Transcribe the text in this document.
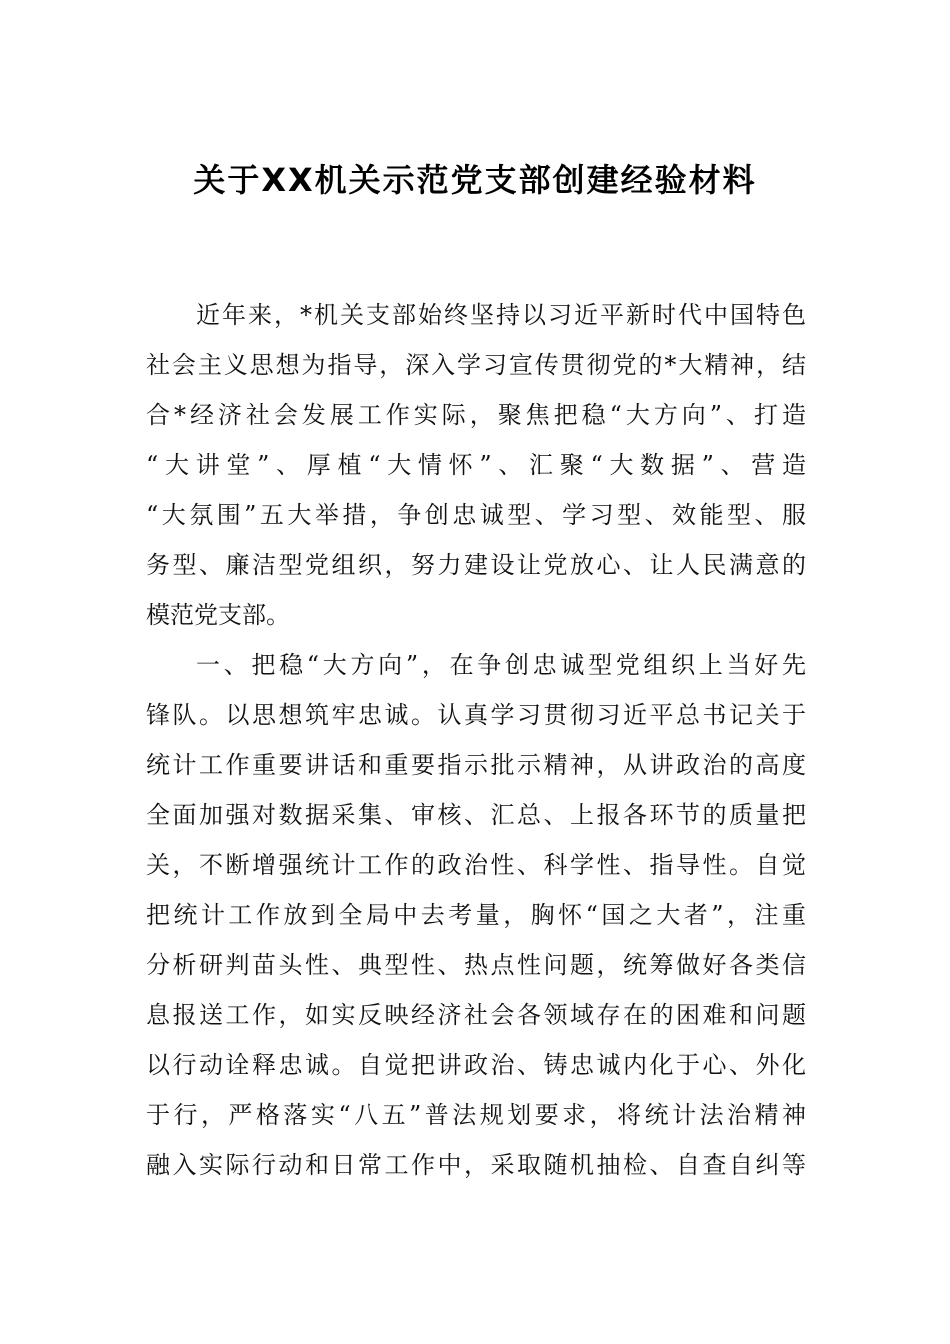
关于XX机关示范党支部创建经验材料
近年来，*机关支部始终坚持以习近平新时代中国特色
社会主义思想为指导，深入学习宣传贯彻党的*大精神，结
合*经济社会发展工作实际，聚焦把稳“大方向”、打造
“大讲堂”、厚植“大情怀”、汇聚“大数据”、营造
“大氛围”五大举措，争创忠诚型、学习型、效能型、服
务型、廉洁型党组织，努力建设让党放心、让人民满意的
模范党支部。
一、把稳“大方向”，在争创忠诚型党组织上当好先
锋队。以思想筑牢忠诚。认真学习贯彻习近平总书记关于
统计工作重要讲话和重要指示批示精神，从讲政治的高度
全面加强对数据采集、审核、汇总、上报各环节的质量把
关，不断增强统计工作的政治性、科学性、指导性。自觉
把统计工作放到全局中去考量，胸怀“国之大者”，注重
分析研判苗头性、典型性、热点性问题，统筹做好各类信
息报送工作，如实反映经济社会各领域存在的困难和问题
以行动诠释忠诚。自觉把讲政治、铸忠诚内化于心、外化
于行，严格落实“八五”普法规划要求，将统计法治精神
融入实际行动和日常工作中，采取随机抽检、自查自纠等
